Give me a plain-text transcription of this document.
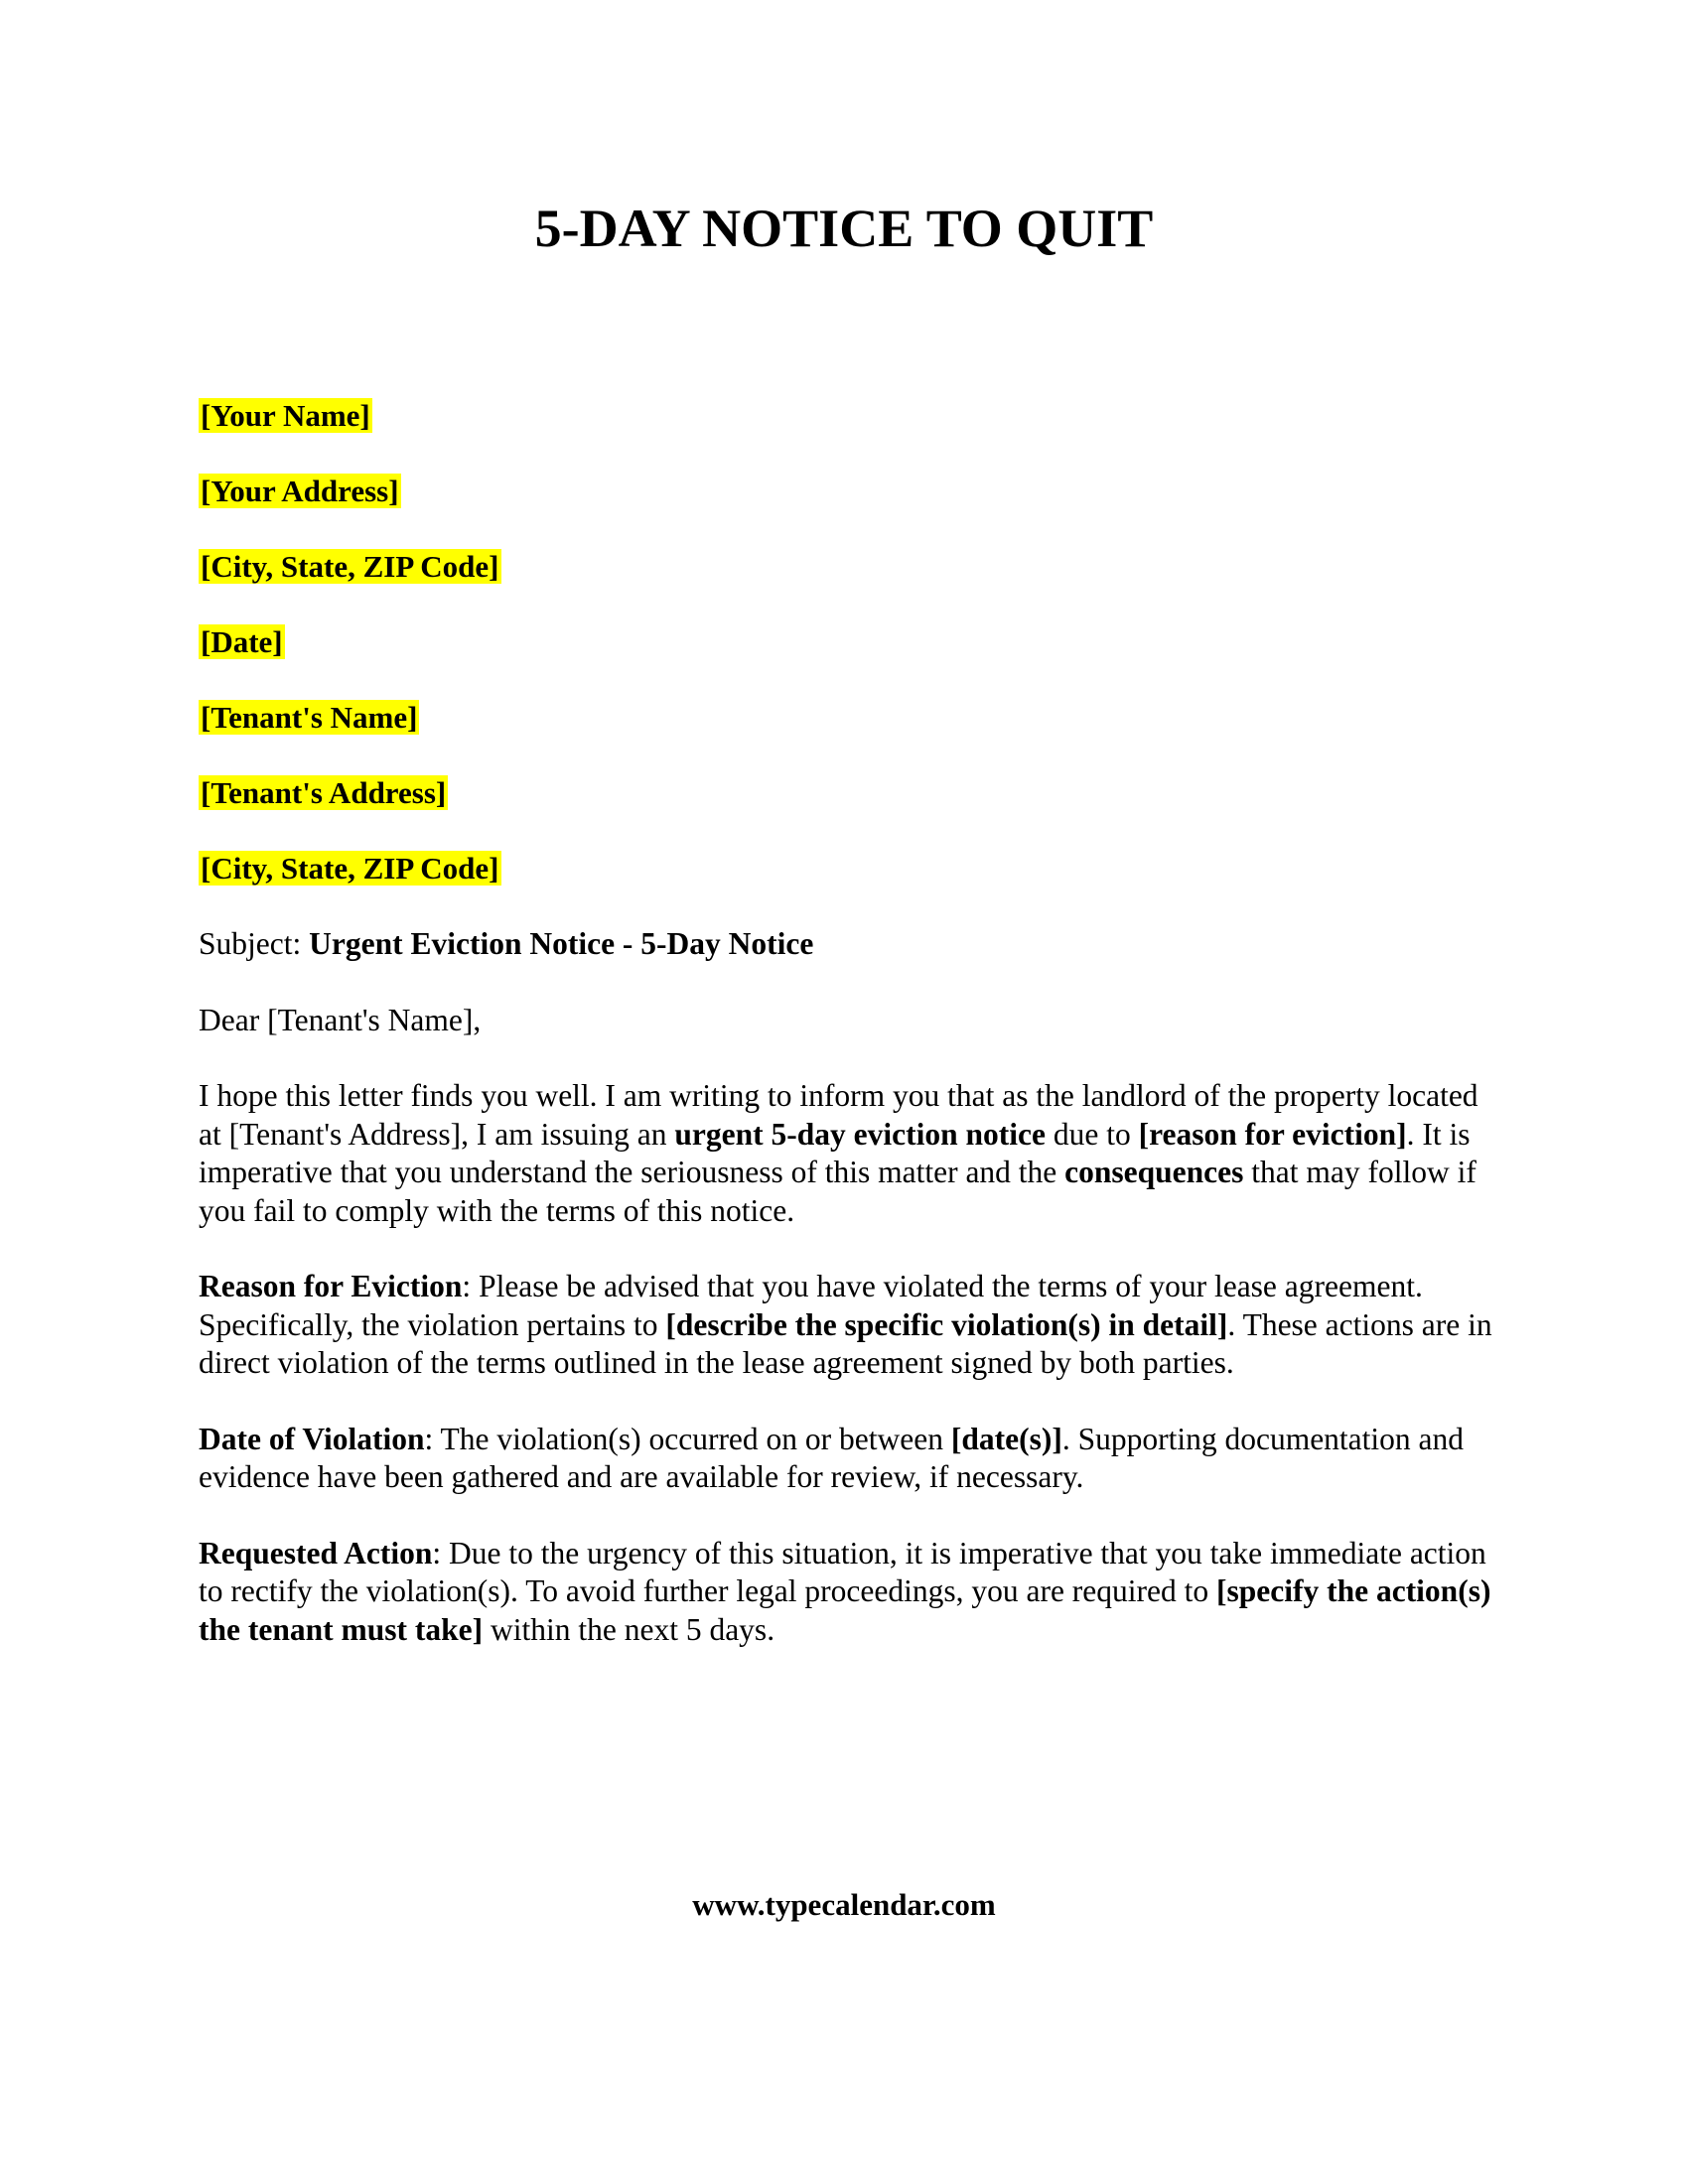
5-DAY NOTICE TO QUIT

[Your Name]

[Your Address]

[City, State, ZIP Code]

[Date]

[Tenant's Name]

[Tenant's Address]

[City, State, ZIP Code]

Subject: Urgent Eviction Notice - 5-Day Notice

Dear [Tenant's Name],

I hope this letter finds you well. I am writing to inform you that as the landlord of the property located at [Tenant's Address], I am issuing an urgent 5-day eviction notice due to [reason for eviction]. It is imperative that you understand the seriousness of this matter and the consequences that may follow if you fail to comply with the terms of this notice.

Reason for Eviction: Please be advised that you have violated the terms of your lease agreement. Specifically, the violation pertains to [describe the specific violation(s) in detail]. These actions are in direct violation of the terms outlined in the lease agreement signed by both parties.

Date of Violation: The violation(s) occurred on or between [date(s)]. Supporting documentation and evidence have been gathered and are available for review, if necessary.

Requested Action: Due to the urgency of this situation, it is imperative that you take immediate action to rectify the violation(s). To avoid further legal proceedings, you are required to [specify the action(s) the tenant must take] within the next 5 days.

www.typecalendar.com
